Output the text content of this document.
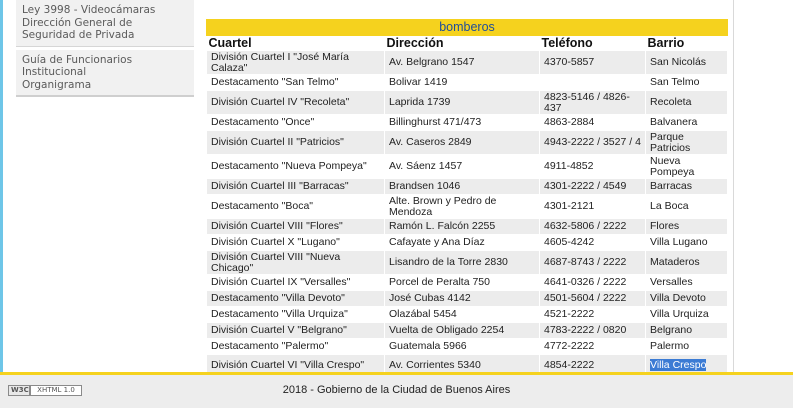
Ley 3998 - Videocámaras
Dirección General de Seguridad de Privada
Guía de Funcionarios
Institucional
Organigrama
bomberos
Cuartel	Dirección	Teléfono	Barrio
División Cuartel I "José María Calaza"	Av. Belgrano 1547	4370-5857	San Nicolás
Destacamento "San Telmo"	Bolivar 1419		San Telmo
División Cuartel IV "Recoleta"	Laprida 1739	4823-5146 / 4826-437	Recoleta
Destacamento "Once"	Billinghurst 471/473	4863-2884	Balvanera
División Cuartel II "Patricios"	Av. Caseros 2849	4943-2222 / 3527 / 4	Parque Patricios
Destacamento "Nueva Pompeya"	Av. Sáenz 1457	4911-4852	Nueva Pompeya
División Cuartel III "Barracas"	Brandsen 1046	4301-2222 / 4549	Barracas
Destacamento "Boca"	Alte. Brown y Pedro de Mendoza	4301-2121	La Boca
División Cuartel VIII "Flores"	Ramón L. Falcón 2255	4632-5806 / 2222	Flores
División Cuartel X "Lugano"	Cafayate y Ana Díaz	4605-4242	Villa Lugano
División Cuartel VIII "Nueva Chicago"	Lisandro de la Torre 2830	4687-8743 / 2222	Mataderos
División Cuartel IX "Versalles"	Porcel de Peralta 750	4641-0326 / 2222	Versalles
Destacamento "Villa Devoto"	José Cubas 4142	4501-5604 / 2222	Villa Devoto
Destacamento "Villa Urquiza"	Olazábal 5454	4521-2222	Villa Urquiza
División Cuartel V "Belgrano"	Vuelta de Obligado 2254	4783-2222 / 0820	Belgrano
Destacamento "Palermo"	Guatemala 5966	4772-2222	Palermo
División Cuartel VI "Villa Crespo"	Av. Corrientes 5340	4854-2222	Villa Crespo
W3C	XHTML 1.0	2018 - Gobierno de la Ciudad de Buenos Aires
